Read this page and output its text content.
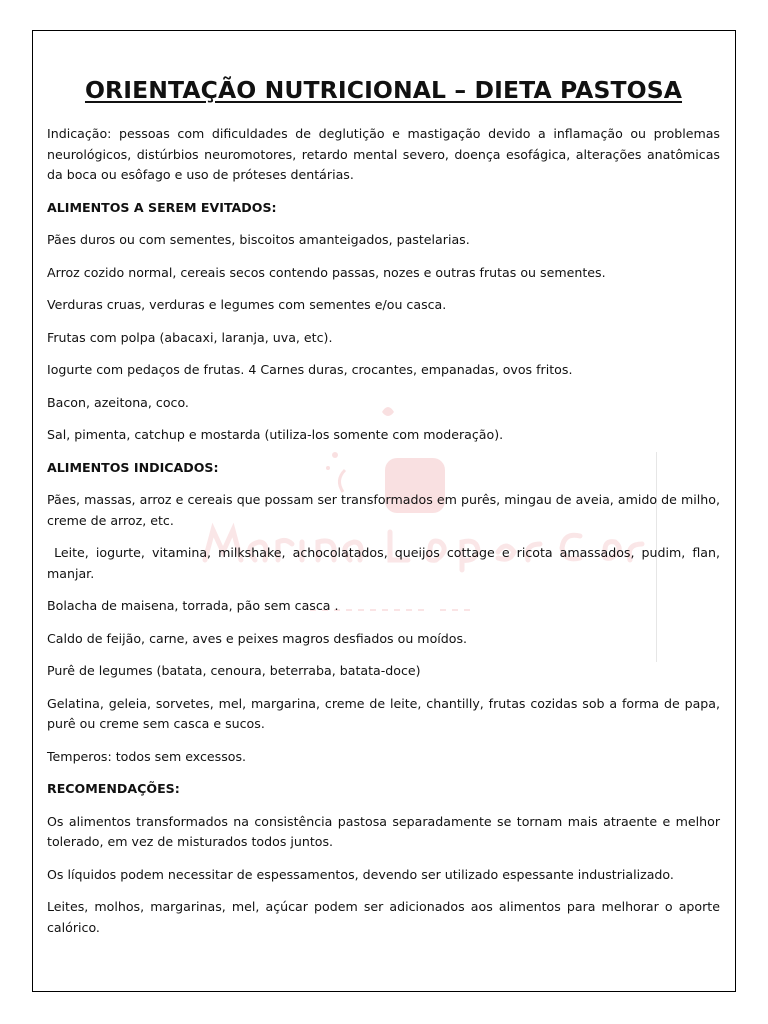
ORIENTAÇÃO NUTRICIONAL – DIETA PASTOSA

Indicação: pessoas com dificuldades de deglutição e mastigação devido a inflamação ou problemas neurológicos, distúrbios neuromotores, retardo mental severo, doença esofágica, alterações anatômicas da boca ou esôfago e uso de próteses dentárias.

ALIMENTOS A SEREM EVITADOS:

Pães duros ou com sementes, biscoitos amanteigados, pastelarias.

Arroz cozido normal, cereais secos contendo passas, nozes e outras frutas ou sementes.

Verduras cruas, verduras e legumes com sementes e/ou casca.

Frutas com polpa (abacaxi, laranja, uva, etc).

Iogurte com pedaços de frutas. 4 Carnes duras, crocantes, empanadas, ovos fritos.

Bacon, azeitona, coco.

Sal, pimenta, catchup e mostarda (utiliza-los somente com moderação).

ALIMENTOS INDICADOS:

Pães, massas, arroz e cereais que possam ser transformados em purês, mingau de aveia, amido de milho, creme de arroz, etc.

Leite, iogurte, vitamina, milkshake, achocolatados, queijos cottage e ricota amassados, pudim, flan, manjar.

Bolacha de maisena, torrada, pão sem casca .

Caldo de feijão, carne, aves e peixes magros desfiados ou moídos.

Purê de legumes (batata, cenoura, beterraba, batata-doce)

Gelatina, geleia, sorvetes, mel, margarina, creme de leite, chantilly, frutas cozidas sob a forma de papa, purê ou creme sem casca e sucos.

Temperos: todos sem excessos.

RECOMENDAÇÕES:

Os alimentos transformados na consistência pastosa separadamente se tornam mais atraente e melhor tolerado, em vez de misturados todos juntos.

Os líquidos podem necessitar de espessamentos, devendo ser utilizado espessante industrializado.

Leites, molhos, margarinas, mel, açúcar podem ser adicionados aos alimentos para melhorar o aporte calórico.
